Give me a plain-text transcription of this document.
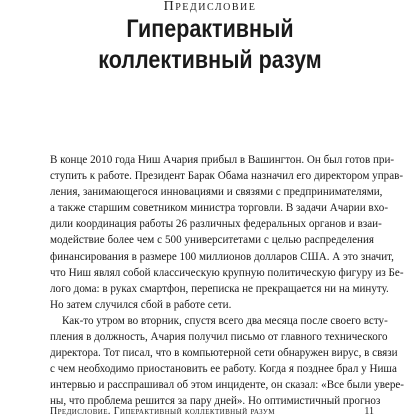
Предисловие
Гиперактивный
коллективный разум
В конце 2010 года Ниш Ачария прибыл в Вашингтон. Он был готов при-
ступить к работе. Президент Барак Обама назначил его директором управ-
ления, занимающегося инновациями и связями с предпринимателями,
а также старшим советником министра торговли. В задачи Ачарии вхо-
дили координация работы 26 различных федеральных органов и взаи-
модействие более чем с 500 университетами с целью распределения
финансирования в размере 100 миллионов долларов США. А это значит,
что Ниш являл собой классическую крупную политическую фигуру из Бе-
лого дома: в руках смартфон, переписка не прекращается ни на минуту.
Но затем случился сбой в работе сети.
Как-то утром во вторник, спустя всего два месяца после своего всту-
пления в должность, Ачария получил письмо от главного технического
директора. Тот писал, что в компьютерной сети обнаружен вирус, в связи
с чем необходимо приостановить ее работу. Когда я позднее брал у Ниша
интервью и расспрашивал об этом инциденте, он сказал: «Все были увере-
ны, что проблема решится за пару дней». Но оптимистичный прогноз
Предисловие. Гиперактивный коллективный разум	11
